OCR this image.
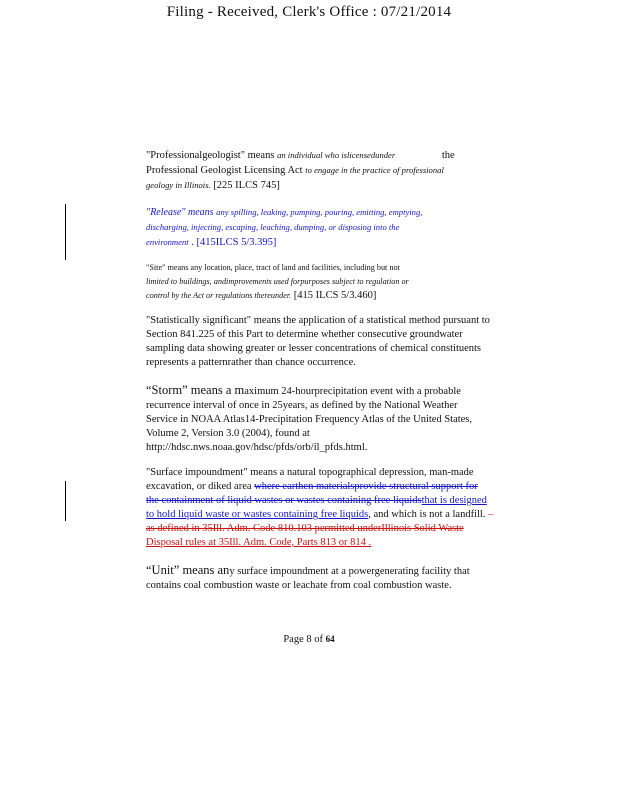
Filing - Received, Clerk's Office : 07/21/2014
"Professionalgeologist" means an individual who islicensedunder	the
Professional Geologist Licensing Act to engage in the practice of professional
geology in Illinois. [225 ILCS 745]
"Release" means any spilling, leaking, pumping, pouring, emitting, emptying,
discharging, injecting, escaping, leaching, dumping, or disposing into the
environment . [415ILCS 5/3.395]
"Site" means any location, place, tract of land and facilities, including but not
limited to buildings, andimprovements used forpurposes subject to regulation or
control by the Act or regulations thereunder. [415 ILCS 5/3.460]
"Statistically significant" means the application of a statistical method pursuant to
Section 841.225 of this Part to determine whether consecutive groundwater
sampling data showing greater or lesser concentrations of chemical constituents
represents a patternrather than chance occurrence.
“Storm” means a maximum 24-hourprecipitation event with a probable
recurrence interval of once in 25years, as defined by the National Weather
Service in NOAA Atlas14-Precipitation Frequency Atlas of the United States,
Volume 2, Version 3.0 (2004), found at
http://hdsc.nws.noaa.gov/hdsc/pfds/orb/il_pfds.html.
"Surface impoundment" means a natural topographical depression, man-made
excavation, or diked area where earthen materialsprovide structural support for
the containment of liquid wastes or wastes containing free liquidsthat is designed
to hold liquid waste or wastes containing free liquids, and which is not a landfill. –
as defined in 35Ill. Adm. Code 810.103 permitted underIllinois Solid Waste
Disposal rules at 35Ill. Adm. Code, Parts 813 or 814 .
“Unit” means any surface impoundment at a powergenerating facility that
contains coal combustion waste or leachate from coal combustion waste.
Page 8 of 64
